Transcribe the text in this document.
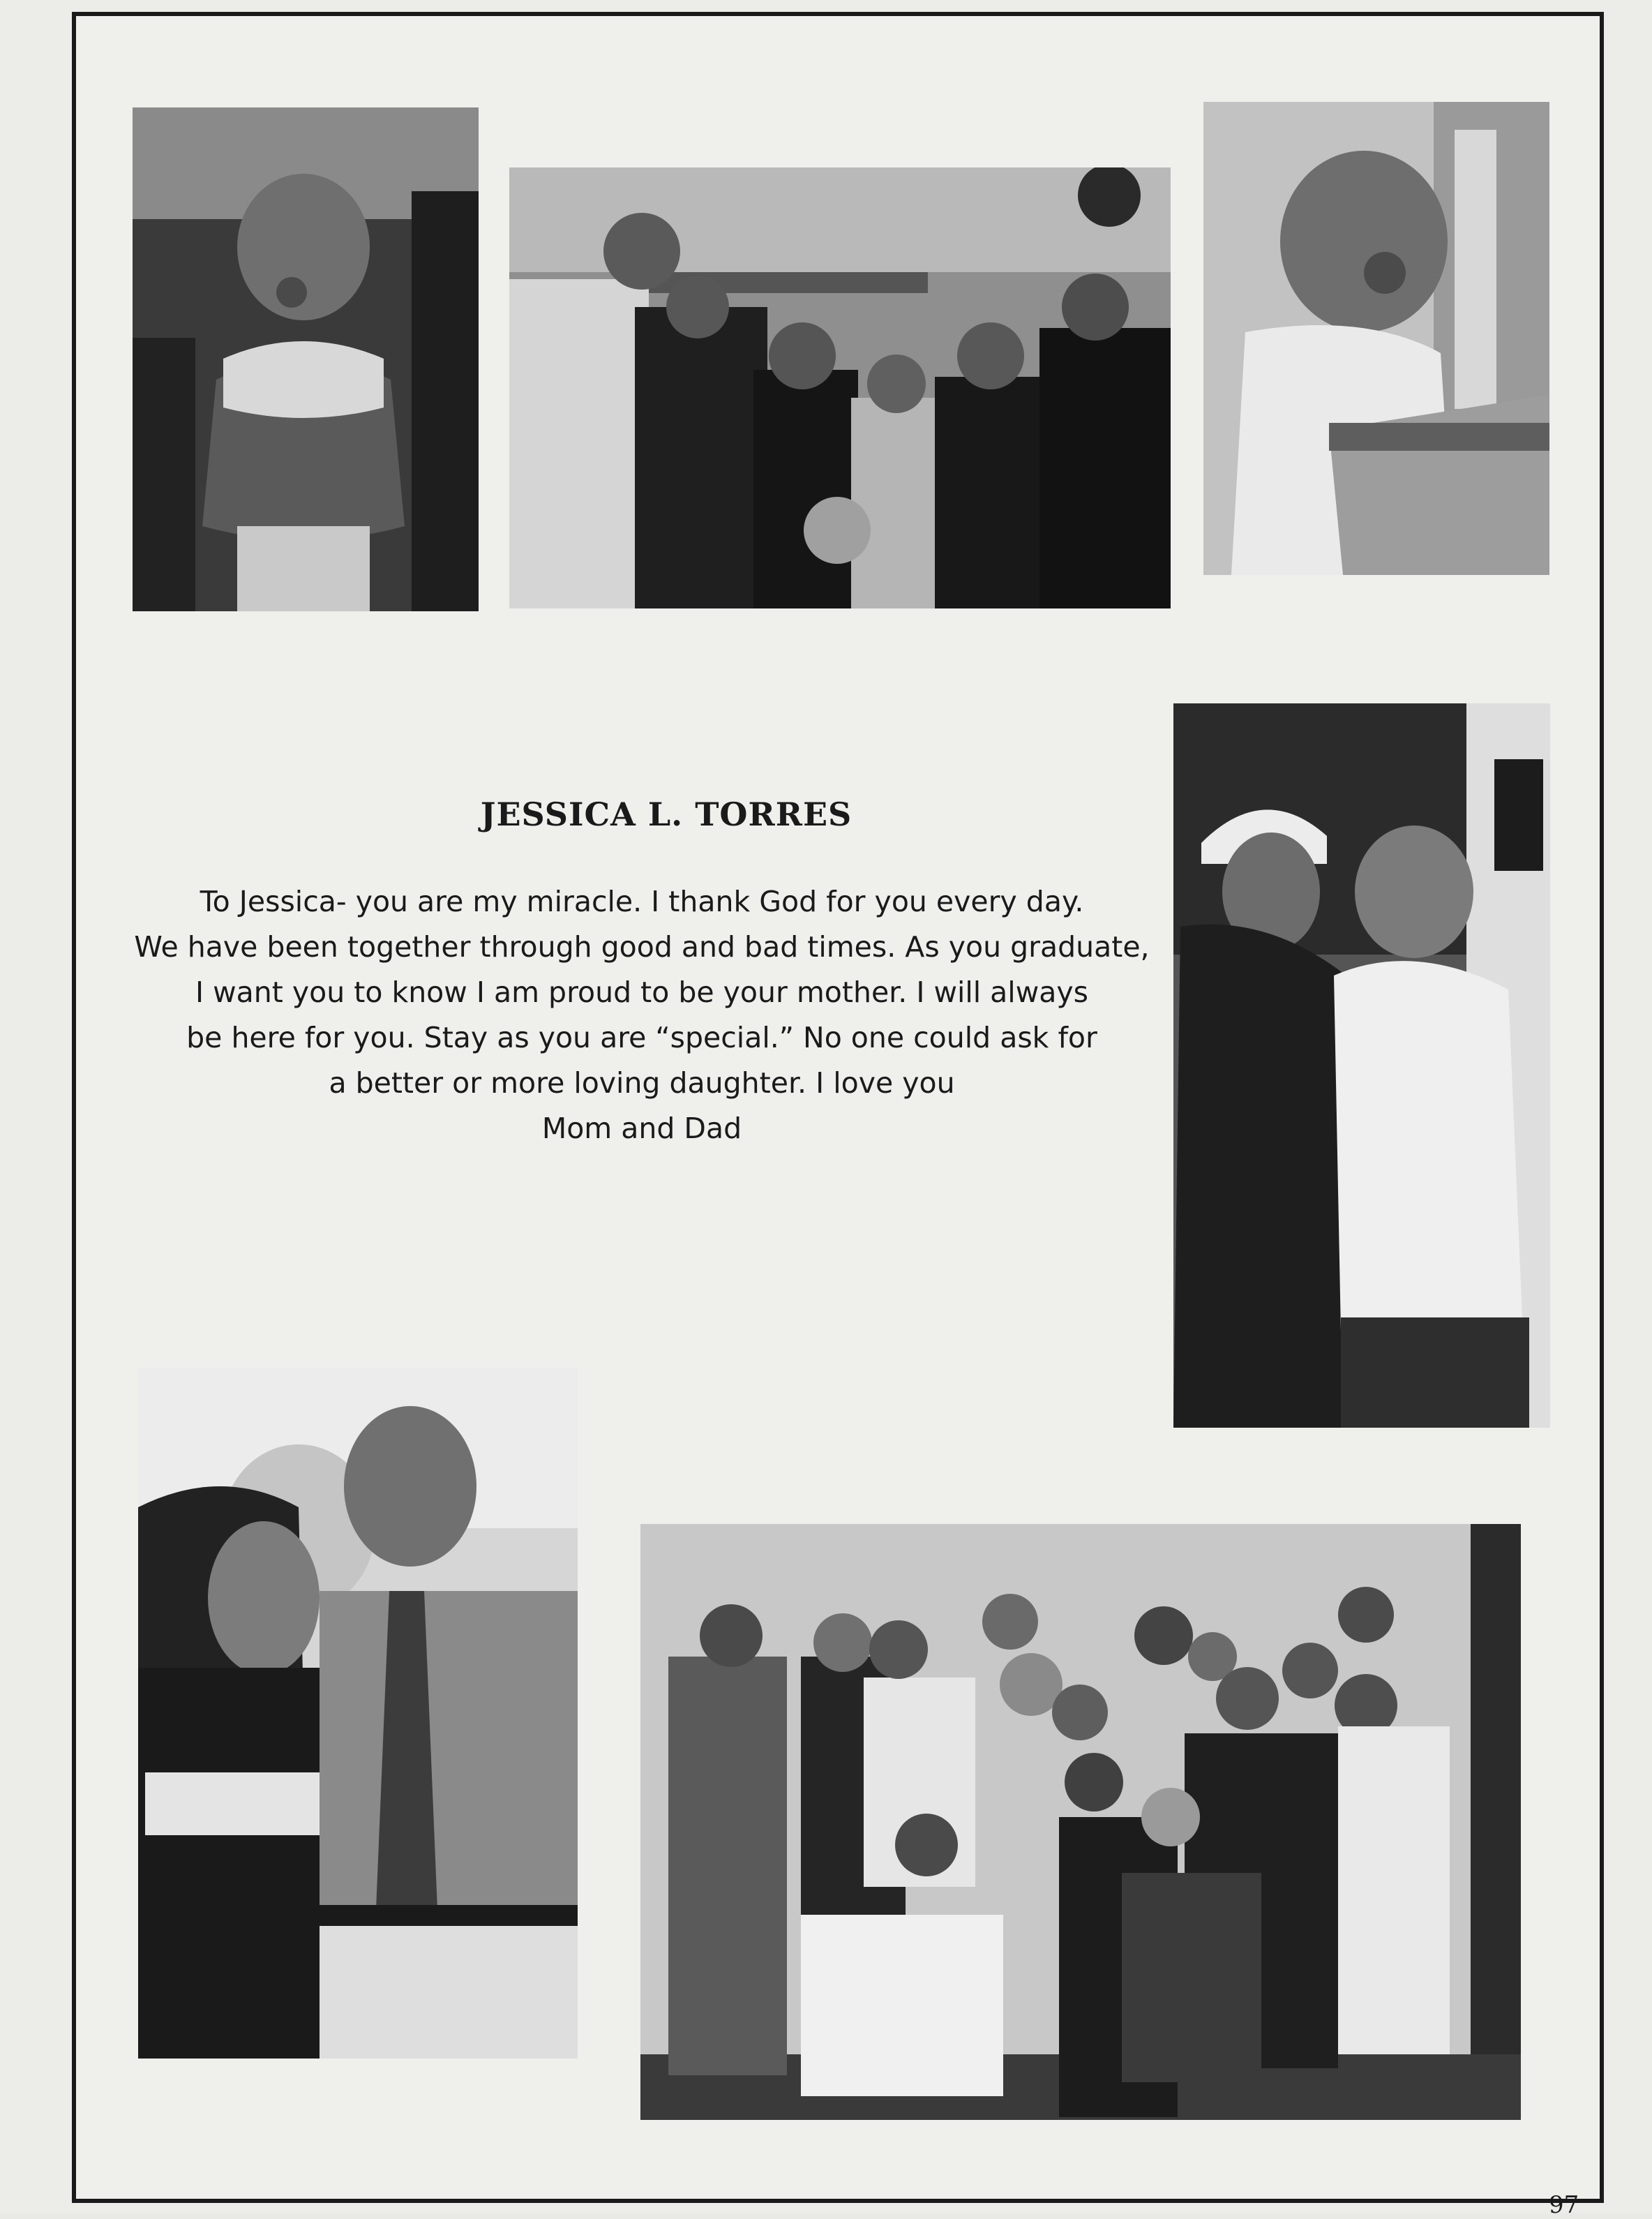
JESSICA L. TORRES
To Jessica- you are my miracle. I thank God for you every day.
We have been together through good and bad times. As you graduate,
I want you to know I am proud to be your mother. I will always
be here for you. Stay as you are “special.” No one could ask for
a better or more loving daughter. I love you
Mom and Dad
97
